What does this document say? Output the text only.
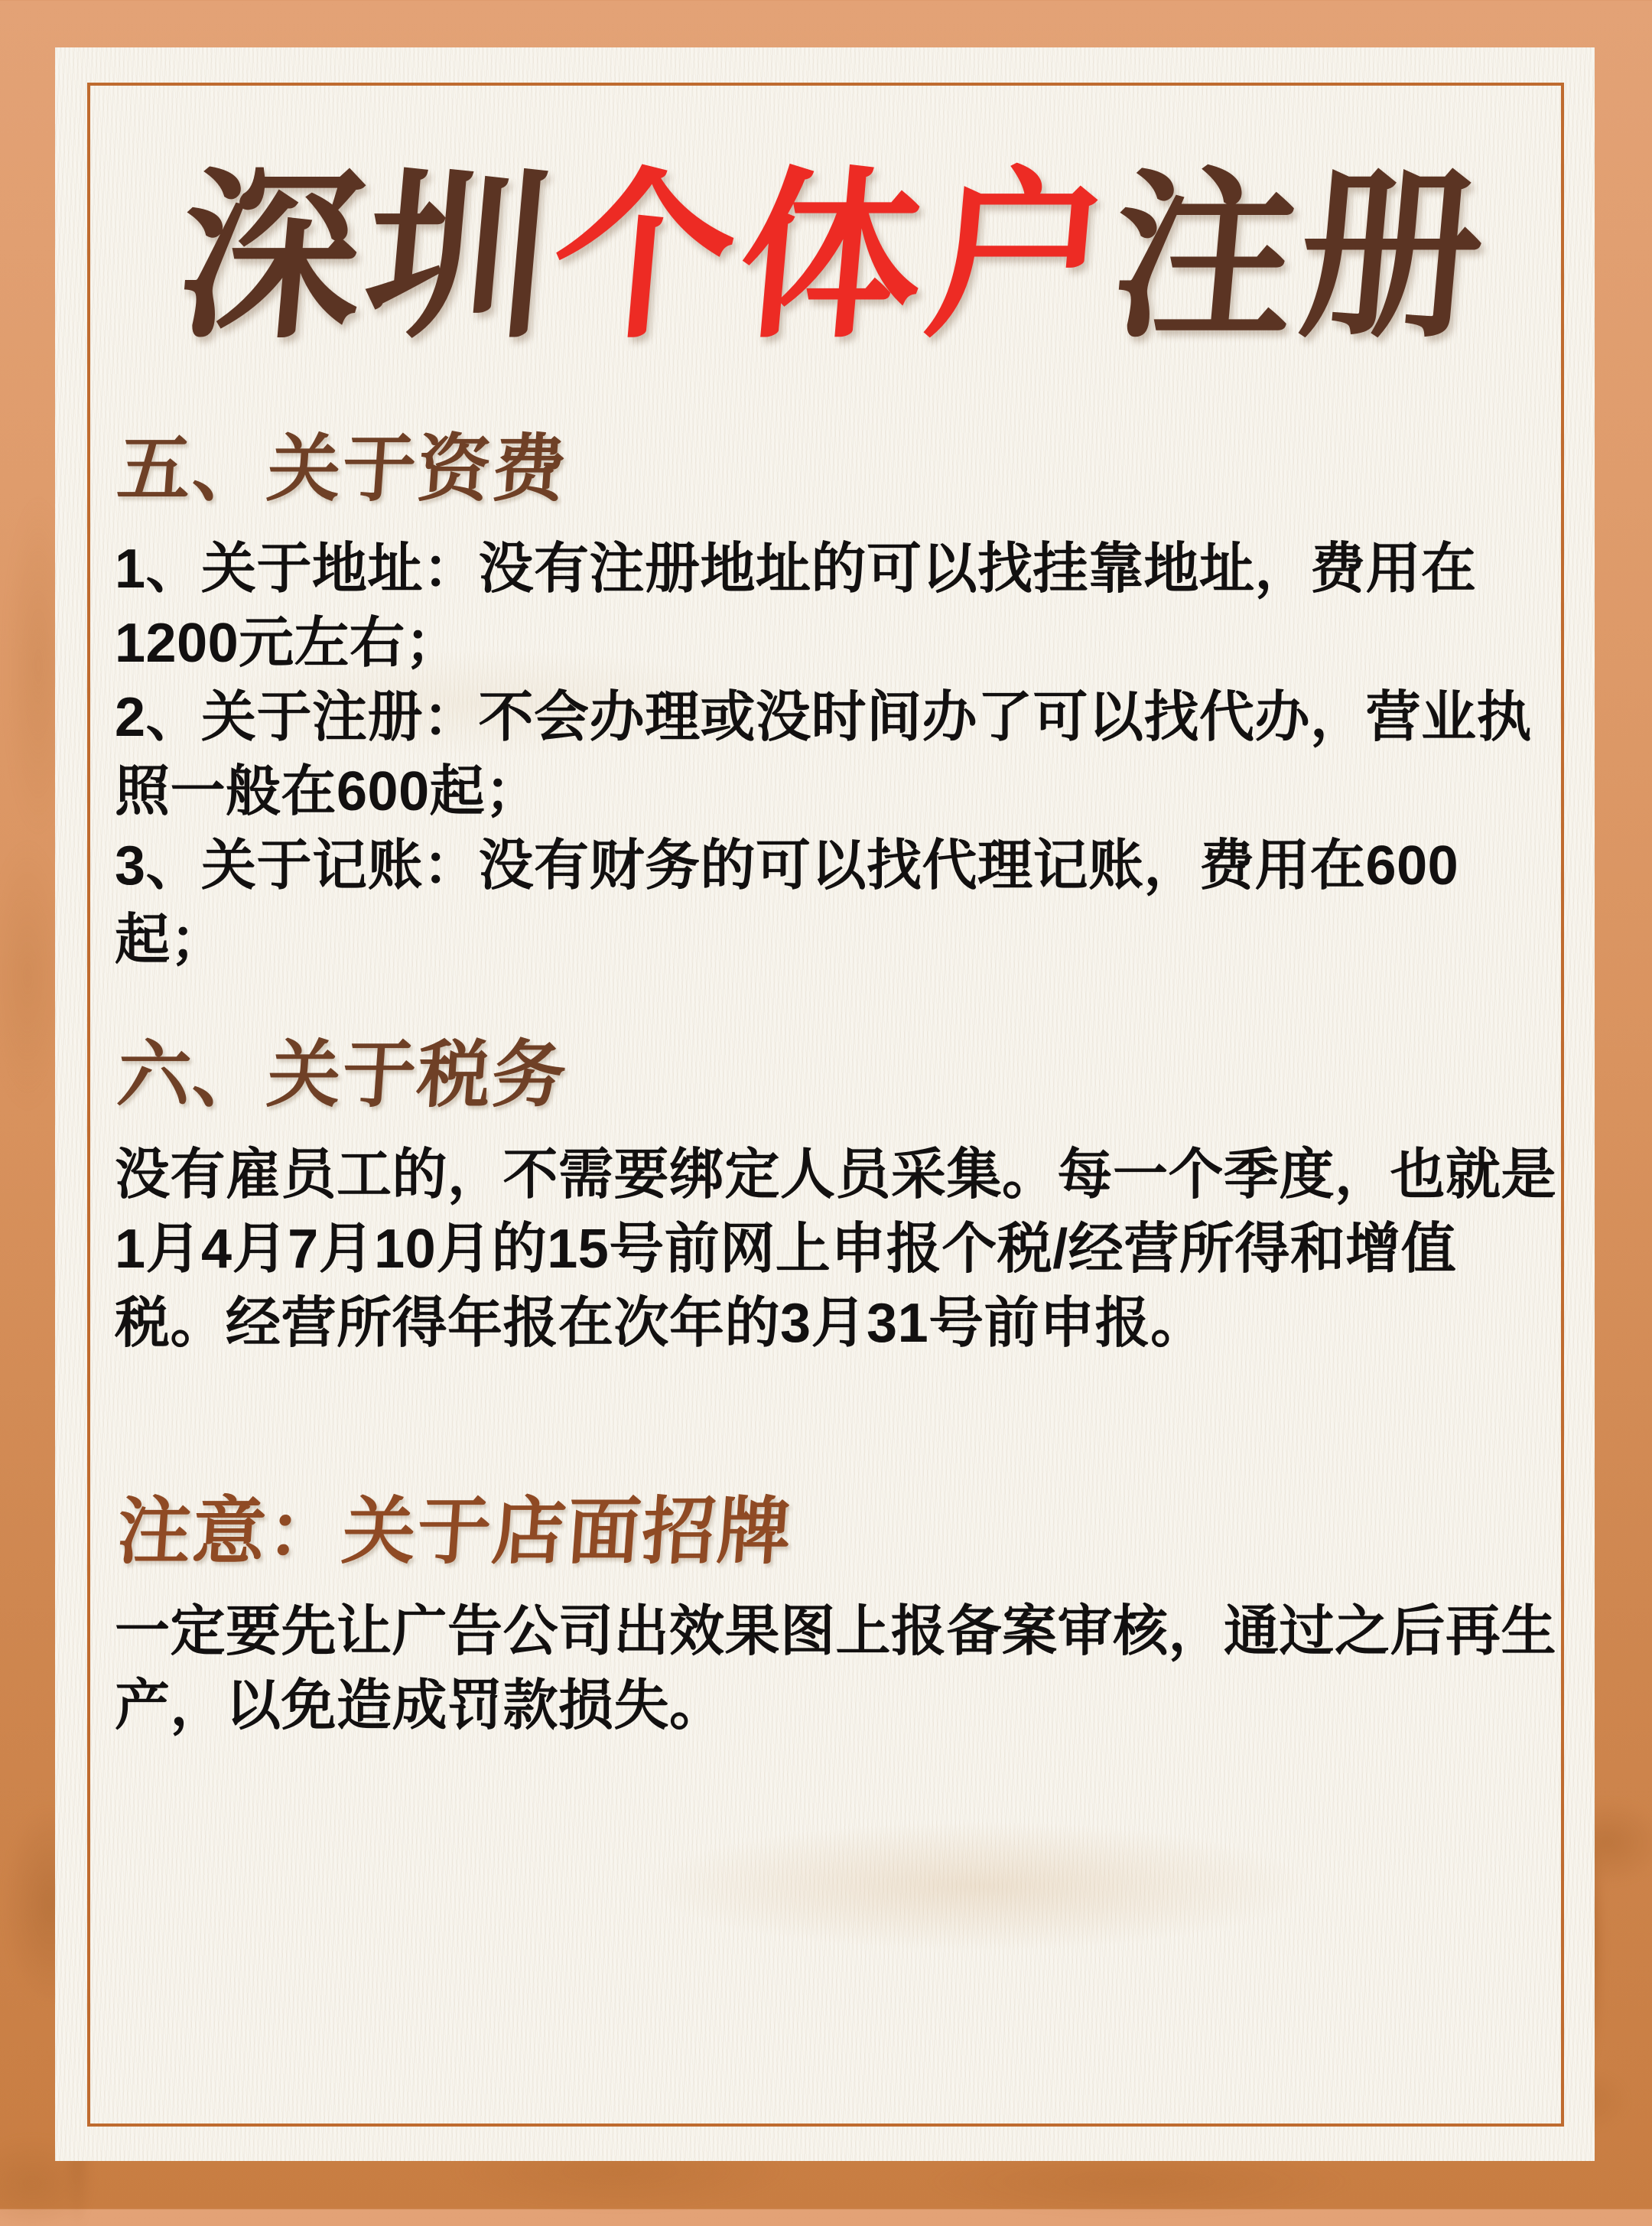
深圳个体户注册
五、关于资费

1、关于地址：没有注册地址的可以找挂靠地址，费用在1200元左右；

2、关于注册：不会办理或没时间办了可以找代办，营业执照一般在600起；

3、关于记账：没有财务的可以找代理记账，费用在600起；

六、关于税务

没有雇员工的，不需要绑定人员采集。每一个季度，也就是1月4月7月10月的15号前网上申报个税/经营所得和增值税。经营所得年报在次年的3月31号前申报。

注意：关于店面招牌

一定要先让广告公司出效果图上报备案审核，通过之后再生产，以免造成罚款损失。
